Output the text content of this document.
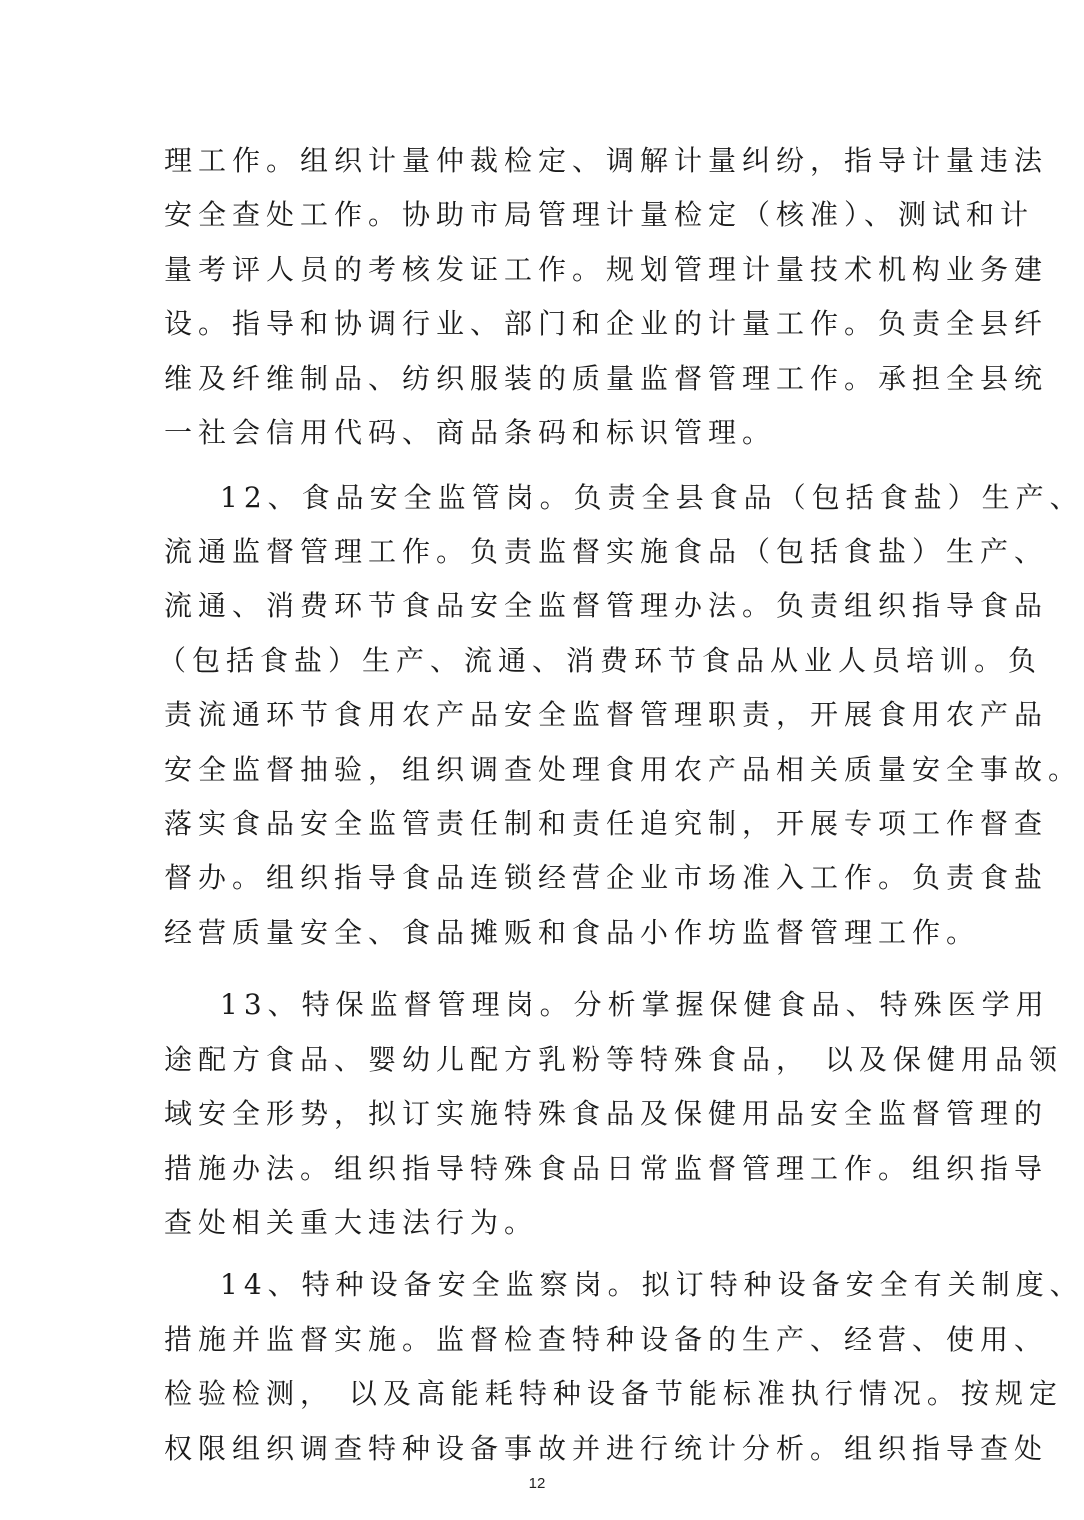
理工作。组织计量仲裁检定、调解计量纠纷，指导计量违法
安全查处工作。协助市局管理计量检定（核准）、测试和计
量考评人员的考核发证工作。规划管理计量技术机构业务建
设。指导和协调行业、部门和企业的计量工作。负责全县纤
维及纤维制品、纺织服装的质量监督管理工作。承担全县统
一社会信用代码、商品条码和标识管理。
12、食品安全监管岗。负责全县食品（包括食盐）生产、
流通监督管理工作。负责监督实施食品（包括食盐）生产、
流通、消费环节食品安全监督管理办法。负责组织指导食品
（包括食盐）生产、流通、消费环节食品从业人员培训。负
责流通环节食用农产品安全监督管理职责，开展食用农产品
安全监督抽验，组织调查处理食用农产品相关质量安全事故。
落实食品安全监管责任制和责任追究制，开展专项工作督查
督办。组织指导食品连锁经营企业市场准入工作。负责食盐
经营质量安全、食品摊贩和食品小作坊监督管理工作。
13、特保监督管理岗。分析掌握保健食品、特殊医学用
途配方食品、婴幼儿配方乳粉等特殊食品， 以及保健用品领
域安全形势，拟订实施特殊食品及保健用品安全监督管理的
措施办法。组织指导特殊食品日常监督管理工作。组织指导
查处相关重大违法行为。
14、特种设备安全监察岗。拟订特种设备安全有关制度、
措施并监督实施。监督检查特种设备的生产、经营、使用、
检验检测， 以及高能耗特种设备节能标准执行情况。按规定
权限组织调查特种设备事故并进行统计分析。组织指导查处
12
